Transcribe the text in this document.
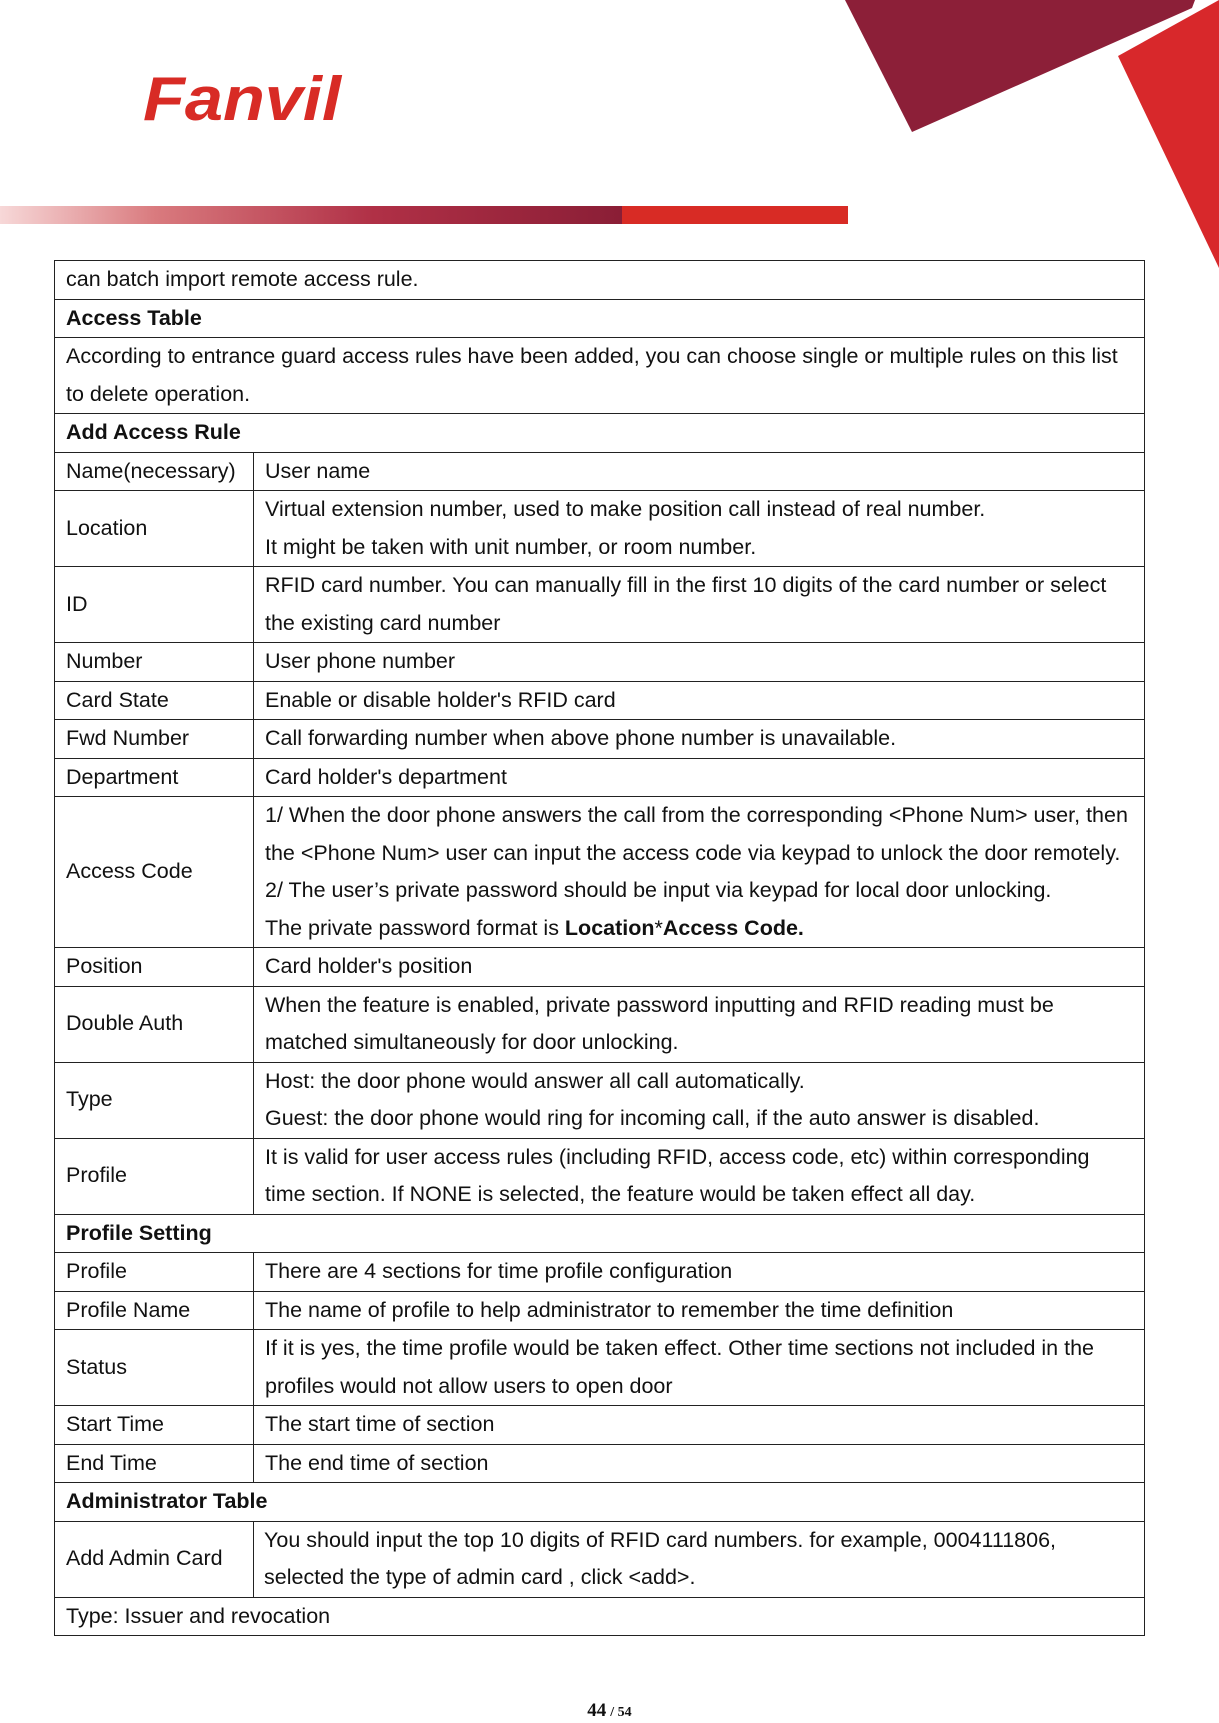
Fanvil
can batch import remote access rule.	
Access Table	
According to entrance guard access rules have been added, you can choose single or multiple rules on this list to delete operation.	
Add Access Rule	
Name(necessary)	User name

Location	Virtual extension number, used to make position call instead of real number.
It might be taken with unit number, or room number.

ID	RFID card number. You can manually fill in the first 10 digits of the card number or select the existing card number

Number	User phone number

Card State	Enable or disable holder's RFID card

Fwd Number	Call forwarding number when above phone number is unavailable.

Department	Card holder's department

Access Code	1/ When the door phone answers the call from the corresponding <Phone Num> user, then the <Phone Num> user can input the access code via keypad to unlock the door remotely.
2/ The user’s private password should be input via keypad for local door unlocking.
The private password format is Location*Access Code.

Position	Card holder's position

Double Auth	When the feature is enabled, private password inputting and RFID reading must be matched simultaneously for door unlocking.

Type	Host: the door phone would answer all call automatically.
Guest: the door phone would ring for incoming call, if the auto answer is disabled.

Profile	It is valid for user access rules (including RFID, access code, etc) within corresponding time section. If NONE is selected, the feature would be taken effect all day.

Profile Setting	
Profile	There are 4 sections for time profile configuration

Profile Name	The name of profile to help administrator to remember the time definition

Status	If it is yes, the time profile would be taken effect. Other time sections not included in the profiles would not allow users to open door

Start Time	The start time of section

End Time	The end time of section

Administrator Table	
Add Admin Card	You should input the top 10 digits of RFID card numbers. for example, 0004111806, selected the type of admin card , click <add>.

Type: Issuer and revocation	
44 / 54
